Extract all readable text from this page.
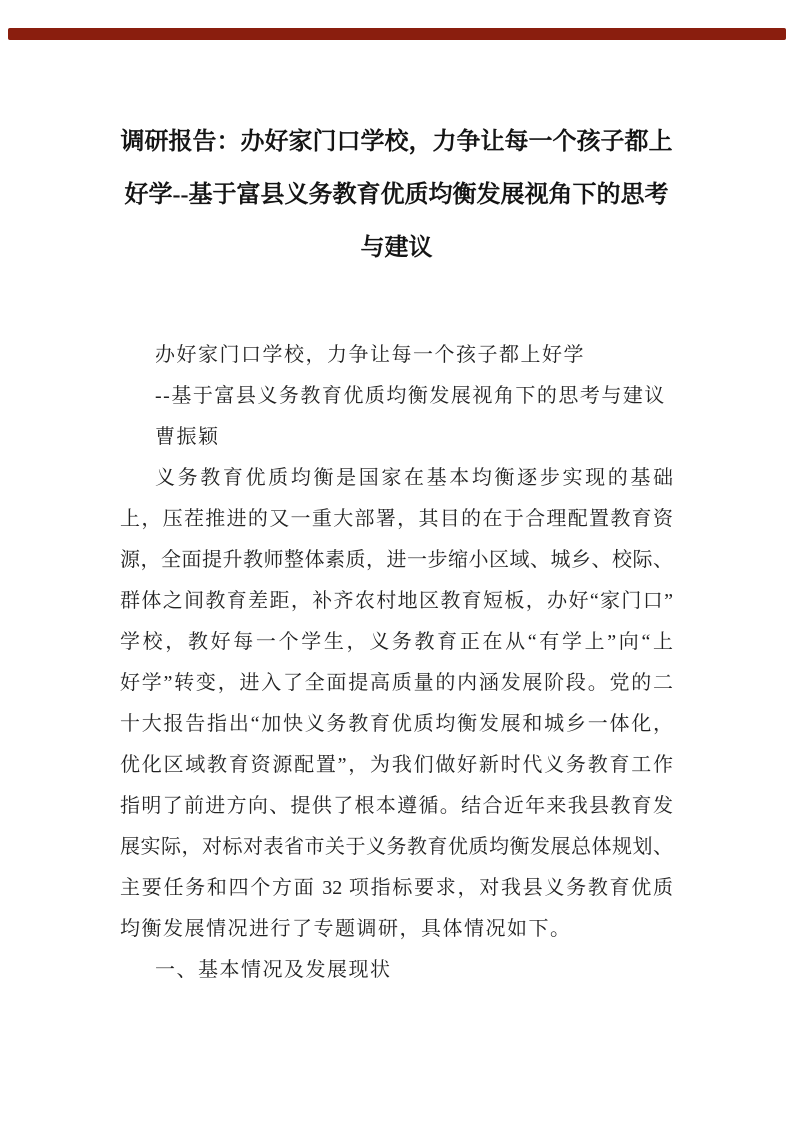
调研报告：办好家门口学校，力争让每一个孩子都上
好学--基于富县义务教育优质均衡发展视角下的思考
与建议
办好家门口学校，力争让每一个孩子都上好学
--基于富县义务教育优质均衡发展视角下的思考与建议
曹振颖
义务教育优质均衡是国家在基本均衡逐步实现的基础
上，压茬推进的又一重大部署，其目的在于合理配置教育资
源，全面提升教师整体素质，进一步缩小区域、城乡、校际、
群体之间教育差距，补齐农村地区教育短板，办好“家门口”
学校，教好每一个学生，义务教育正在从“有学上”向“上
好学”转变，进入了全面提高质量的内涵发展阶段。党的二
十大报告指出“加快义务教育优质均衡发展和城乡一体化，
优化区域教育资源配置”，为我们做好新时代义务教育工作
指明了前进方向、提供了根本遵循。结合近年来我县教育发
展实际，对标对表省市关于义务教育优质均衡发展总体规划、
主要任务和四个方面 32 项指标要求，对我县义务教育优质
均衡发展情况进行了专题调研，具体情况如下。
一、基本情况及发展现状
